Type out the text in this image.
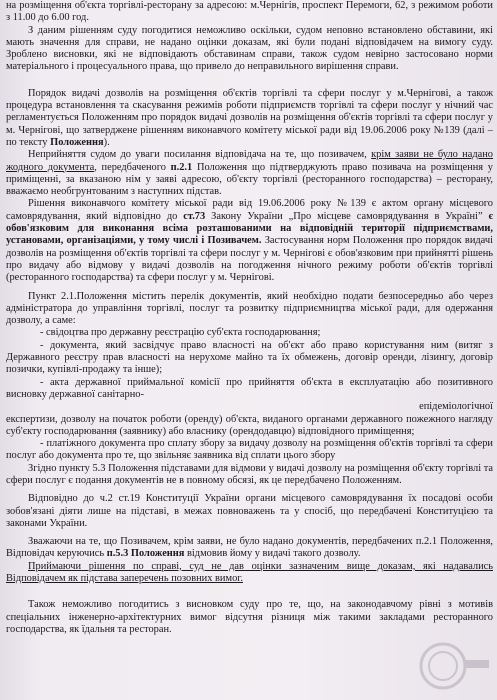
на розміщення об'єкта торгівлі-ресторану за адресою: м.Чернігів, проспект Перемоги, 62, з режимом роботи з 11.00 до 6.00 год.

З даним рішенням суду погодитися неможливо оскільки, судом неповно встановлено обставини, які мають значення для справи, не надано оцінки доказам, які були подані відповідачем на вимогу суду. Зроблено висновки, які не відповідають обставинам справи, також судом невірно застосовано норми матеріального і процесуального права, що привело до неправильного вирішення справи.

Порядок видачі дозволів на розміщення об'єктів торгівлі та сфери послуг у м.Чернігові, а також процедура встановлення та скасування режимів роботи підприємств торгівлі та сфери послуг у нічний час регламентується Положенням про порядок видачі дозволів на розміщення об'єктів торгівлі та сфери послуг у м. Чернігові, що затверджене рішенням виконавчого комітету міської ради від 19.06.2006 року №139 (далі – по тексту Положення).

Неприйняття судом до уваги посилання відповідача на те, що позивачем, крім заяви не було надано жодного документа, передбаченого п.2.1 Положення що підтверджують право позивача на розміщення у приміщенні, за вказаною нім у заяві адресою, об'єкту торгівлі (ресторанного господарства) – ресторану, вважаємо необгрунтованим з наступних підстав.

Рішення виконавчого комітету міської ради від 19.06.2006 року №139 є актом органу місцевого самоврядування, який відповідно до ст.73 Закону України „Про місцеве самоврядування в Україні” є обов'язковим для виконання всіма розташованими на відповідній території підприємствами, установами, організаціями, у тому числі і Позивачем. Застосування норм Положення про порядок видачі дозволів на розміщення об'єктів торгівлі та сфери послуг у м. Чернігові є обов'язковим при прийнятті рішень про видачу або відмову у видачі дозволів на погодження нічного режиму роботи об'єктів торгівлі (ресторанного господарства) та сфери послуг у м. Чернігові.

Пункт 2.1.Положення містить перелік документів, який необхідно подати безпосередньо або через адміністратора до управління торгівлі, послуг та розвитку підприємництва міської ради, для одержання дозволу, а саме:

- свідоцтва про державну реєстрацію суб'єкта господарювання;

- документа, який засвідчує право власності на об'єкт або право користування ним (витяг з Державного реєстру прав власності на нерухоме майно та їх обмежень, договір оренди, лізингу, договір позички, купівлі-продажу та інше);

- акта державної приймальної комісії про прийняття об'єкта в експлуатацію або позитивного висновку державної санітарно-
епідеміологічної
експертизи, дозволу на початок роботи (оренду) об'єкта, виданого органами державного пожежного нагляду суб'єкту господарювання (заявнику) або власнику (орендодавцю) відповідного приміщення;

- платіжного документа про сплату збору за видачу дозволу на розміщення об'єктів торгівлі та сфери послуг або документа про те, що звільняє заявника від сплати цього збору

Згідно пункту 5.3 Положення підставами для відмови у видачі дозволу на розміщення об'єкту торгівлі та сфери послуг є подання документів не в повному обсязі, як це передбачено Положенням.

Відповідно до ч.2 ст.19 Конституції України органи місцевого самоврядування їх посадові особи зобов'язані діяти лише на підставі, в межах повноважень та у спосіб, що передбачені Конституцією та законами України.

Зважаючи на те, що Позивачем, крім заяви, не було надано документів, передбачених п.2.1 Положення, Відповідач керуючись п.5.3 Положення відмовив йому у видачі такого дозволу.

Приймаючи рішення по справі, суд не дав оцінки зазначеним вище доказам, які надавались Відповідачем як підстава заперечень позовних вимог.

Також неможливо погодитись з висновком суду про те, що, на законодавчому рівні з мотивів спеціальних інженерно-архітектурних вимог відсутня різниця між такими закладами ресторанного господарства, як їдальня та ресторан.
